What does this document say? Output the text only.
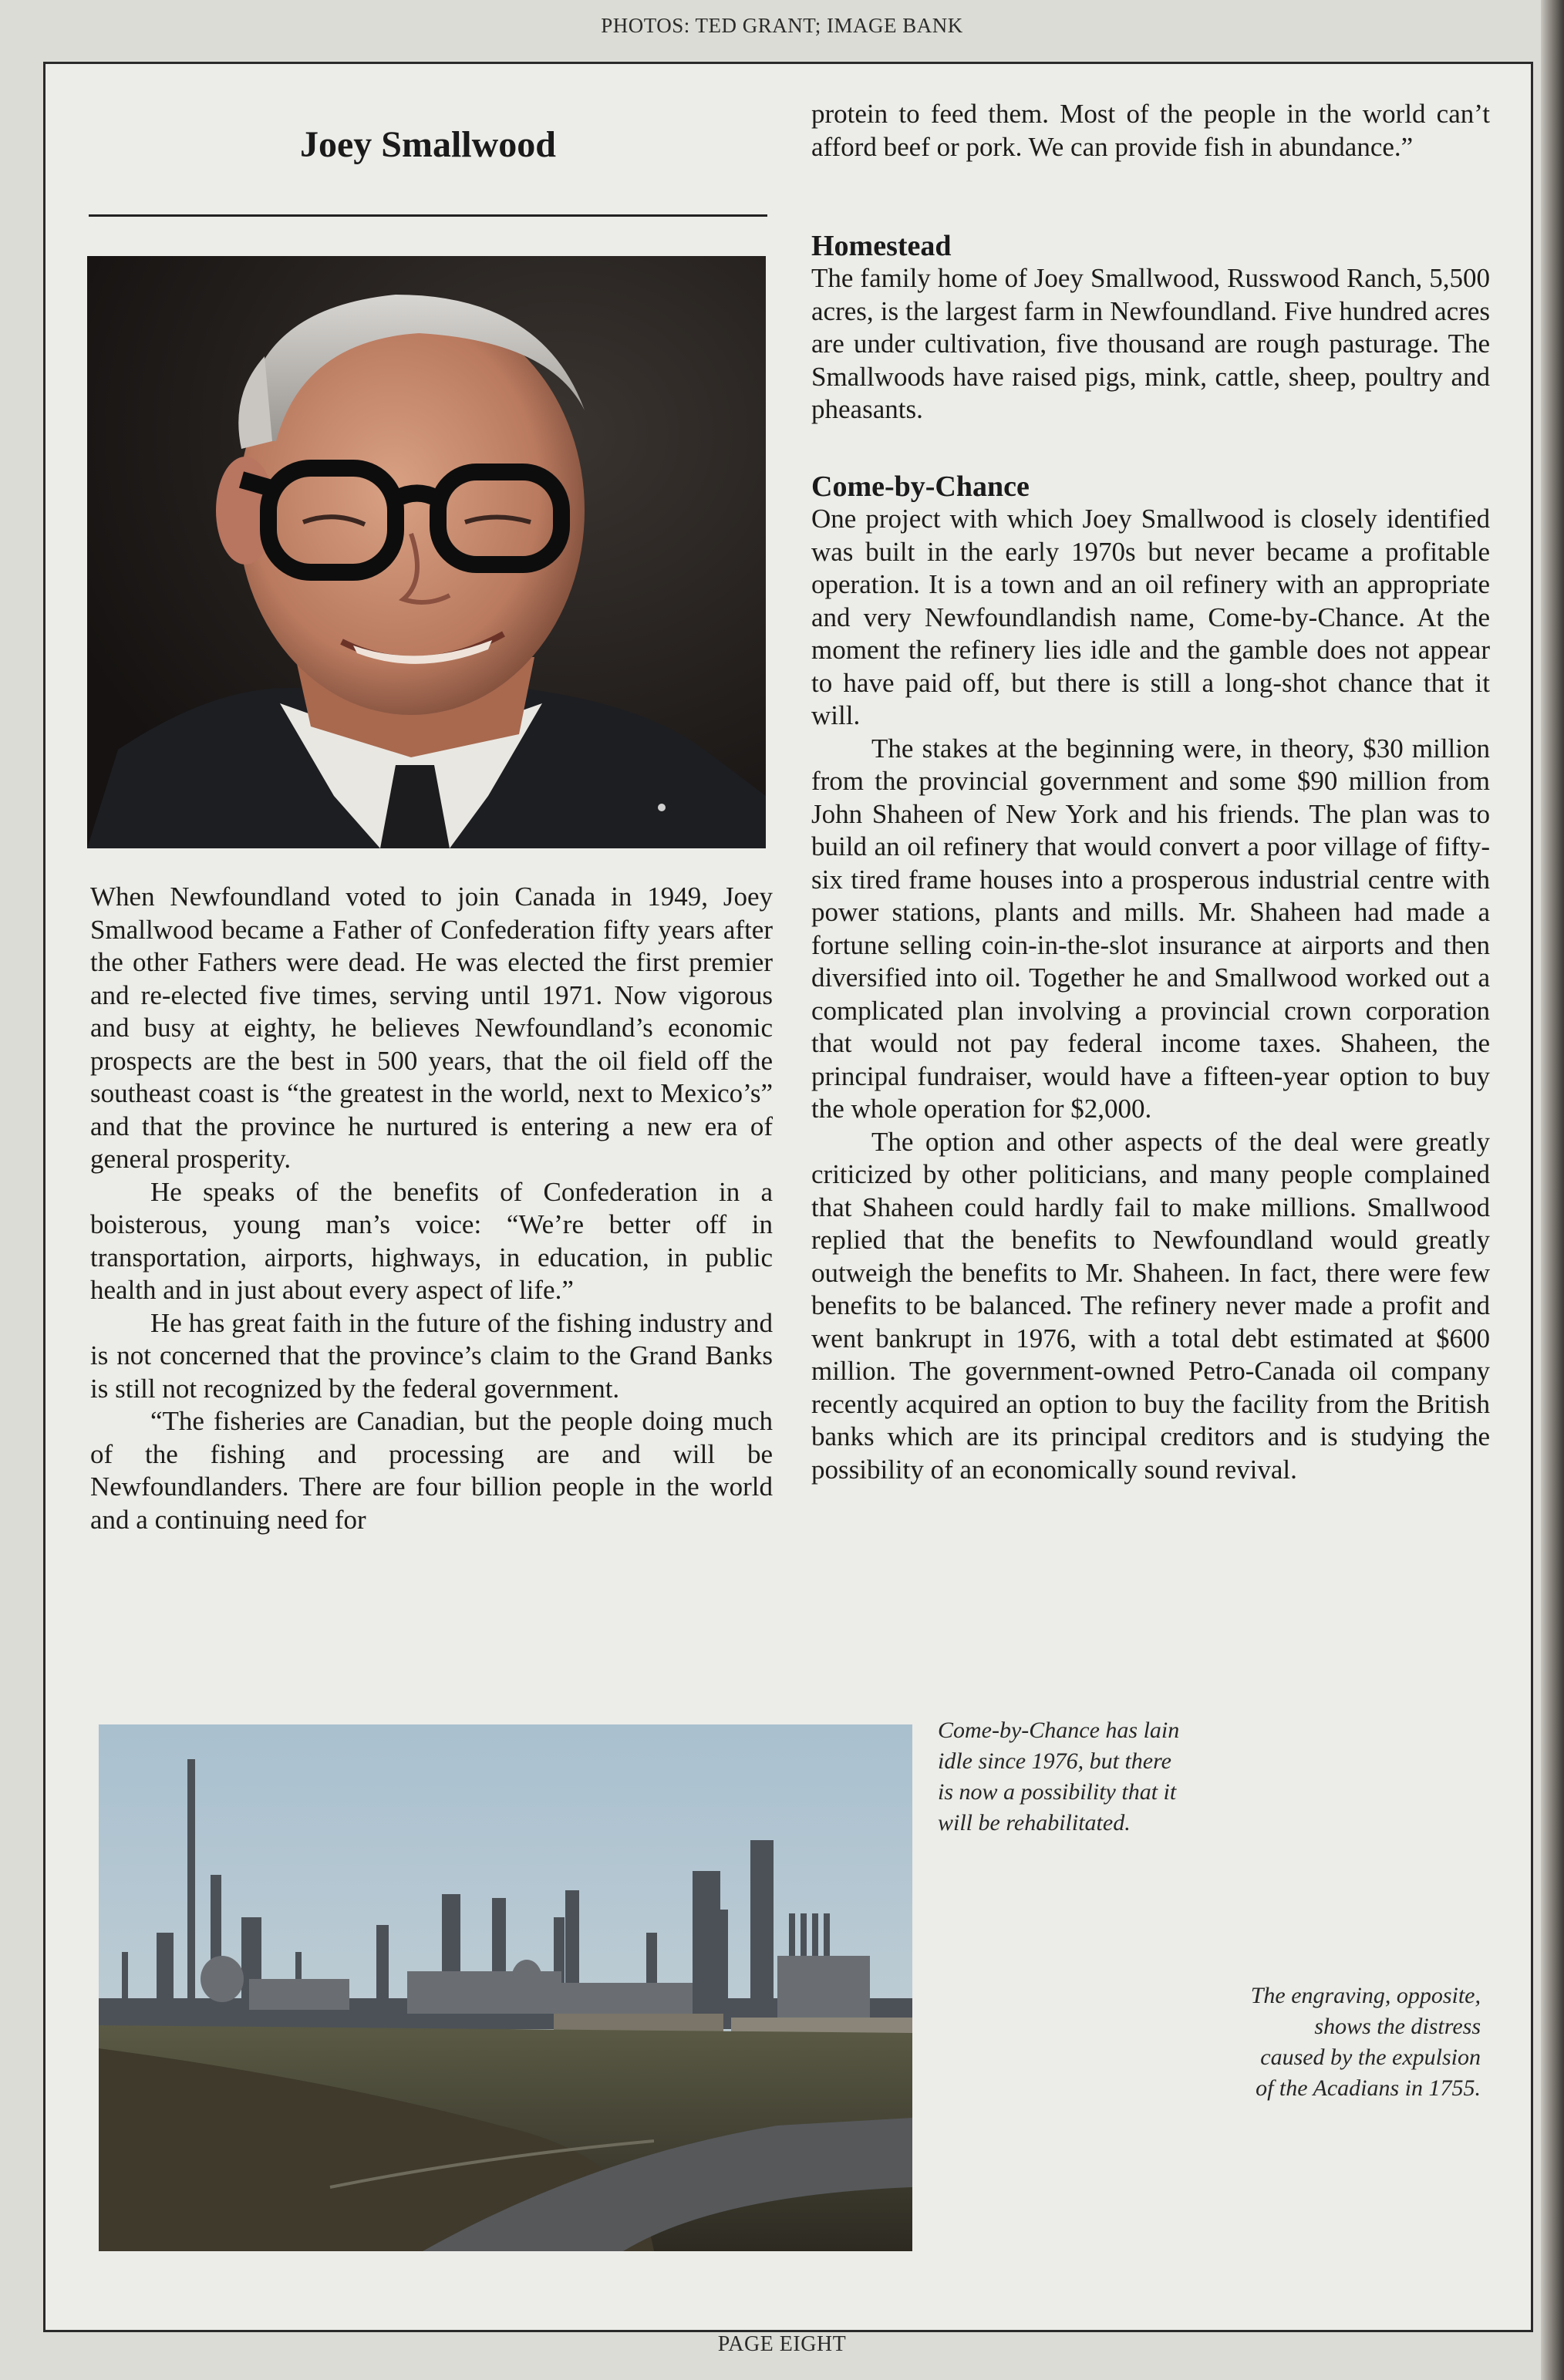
PHOTOS: TED GRANT; IMAGE BANK
Joey Smallwood

When Newfoundland voted to join Canada in 1949, Joey Smallwood became a Father of Confederation fifty years after the other Fathers were dead. He was elected the first premier and re-elected five times, serving until 1971. Now vigorous and busy at eighty, he believes Newfoundland’s economic prospects are the best in 500 years, that the oil field off the southeast coast is “the greatest in the world, next to Mexico’s” and that the province he nurtured is entering a new era of general prosperity.

He speaks of the benefits of Confederation in a boisterous, young man’s voice: “We’re better off in transportation, airports, highways, in education, in public health and in just about every aspect of life.”

He has great faith in the future of the fishing industry and is not concerned that the province’s claim to the Grand Banks is still not recognized by the federal government.

“The fisheries are Canadian, but the people doing much of the fishing and processing are and will be Newfoundlanders. There are four billion people in the world and a continuing need for

protein to feed them. Most of the people in the world can’t afford beef or pork. We can provide fish in abundance.”

Homestead

The family home of Joey Smallwood, Russwood Ranch, 5,500 acres, is the largest farm in Newfoundland. Five hundred acres are under cultivation, five thousand are rough pasturage. The Smallwoods have raised pigs, mink, cattle, sheep, poultry and pheasants.

Come-by-Chance

One project with which Joey Smallwood is closely identified was built in the early 1970s but never became a profitable operation. It is a town and an oil refinery with an appropriate and very Newfoundlandish name, Come-by-Chance. At the moment the refinery lies idle and the gamble does not appear to have paid off, but there is still a long-shot chance that it will.

The stakes at the beginning were, in theory, $30 million from the provincial government and some $90 million from John Shaheen of New York and his friends. The plan was to build an oil refinery that would convert a poor village of fifty-six tired frame houses into a prosperous industrial centre with power stations, plants and mills. Mr. Shaheen had made a fortune selling coin-in-the-slot insurance at airports and then diversified into oil. Together he and Smallwood worked out a complicated plan involving a provincial crown corporation that would not pay federal income taxes. Shaheen, the principal fundraiser, would have a fifteen-year option to buy the whole operation for $2,000.

The option and other aspects of the deal were greatly criticized by other politicians, and many people complained that Shaheen could hardly fail to make millions. Smallwood replied that the benefits to Newfoundland would greatly outweigh the benefits to Mr. Shaheen. In fact, there were few benefits to be balanced. The refinery never made a profit and went bankrupt in 1976, with a total debt estimated at $600 million. The government-owned Petro-Canada oil company recently acquired an option to buy the facility from the British banks which are its principal creditors and is studying the possibility of an economically sound revival.

Come-by-Chance has lain idle since 1976, but there is now a possibility that it will be rehabilitated.

The engraving, opposite, shows the distress caused by the expulsion of the Acadians in 1755.

PAGE EIGHT
